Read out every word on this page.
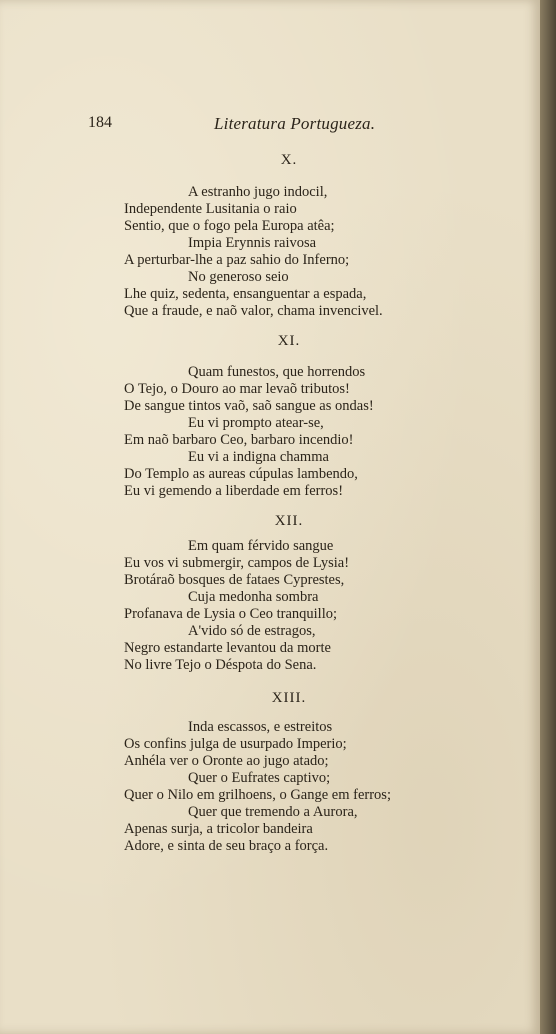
184	Literatura Portugueza.
X.
A estranho jugo indocil,
Independente Lusitania o raio
Sentio, que o fogo pela Europa atêa;
Impia Erynnis raivosa
A perturbar-lhe a paz sahio do Inferno;
No generoso seio
Lhe quiz, sedenta, ensanguentar a espada,
Que a fraude, e naõ valor, chama invencivel.
XI.
Quam funestos, que horrendos
O Tejo, o Douro ao mar levaõ tributos!
De sangue tintos vaõ, saõ sangue as ondas!
Eu vi prompto atear-se,
Em naõ barbaro Ceo, barbaro incendio!
Eu vi a indigna chamma
Do Templo as aureas cúpulas lambendo,
Eu vi gemendo a liberdade em ferros!
XII.
Em quam férvido sangue
Eu vos vi submergir, campos de Lysia!
Brotáraõ bosques de fataes Cyprestes,
Cuja medonha sombra
Profanava de Lysia o Ceo tranquillo;
A'vido só de estragos,
Negro estandarte levantou da morte
No livre Tejo o Déspota do Sena.
XIII.
Inda escassos, e estreitos
Os confins julga de usurpado Imperio;
Anhéla ver o Oronte ao jugo atado;
Quer o Eufrates captivo;
Quer o Nilo em grilhoens, o Gange em ferros;
Quer que tremendo a Aurora,
Apenas surja, a tricolor bandeira
Adore, e sinta de seu braço a força.
